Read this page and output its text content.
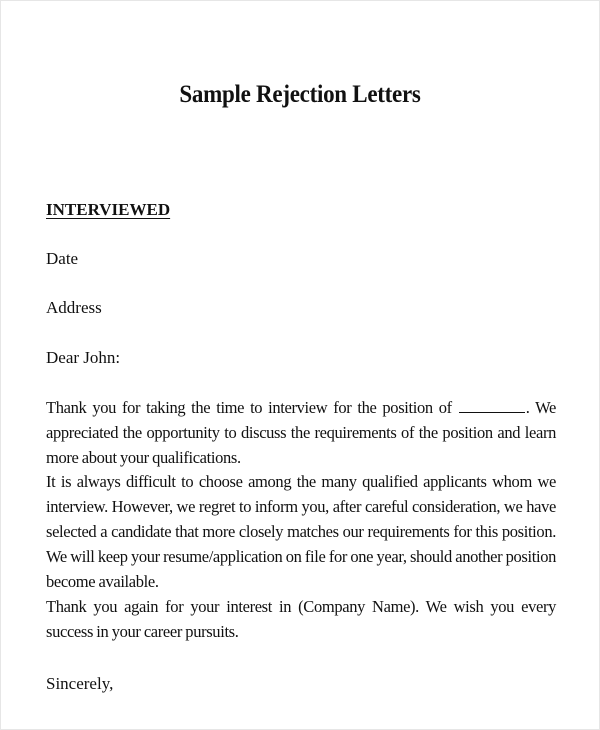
Sample Rejection Letters
INTERVIEWED
Date
Address
Dear John:
Thank you for taking the time to interview for the position of	. We appreciated the opportunity to discuss the requirements of the position and learn more about your qualifications.
It is always difficult to choose among the many qualified applicants whom we interview. However, we regret to inform you, after careful consideration, we have selected a candidate that more closely matches our requirements for this position. We will keep your resume/application on file for one year, should another position become available.
Thank you again for your interest in (Company Name). We wish you every success in your career pursuits.
Sincerely,
